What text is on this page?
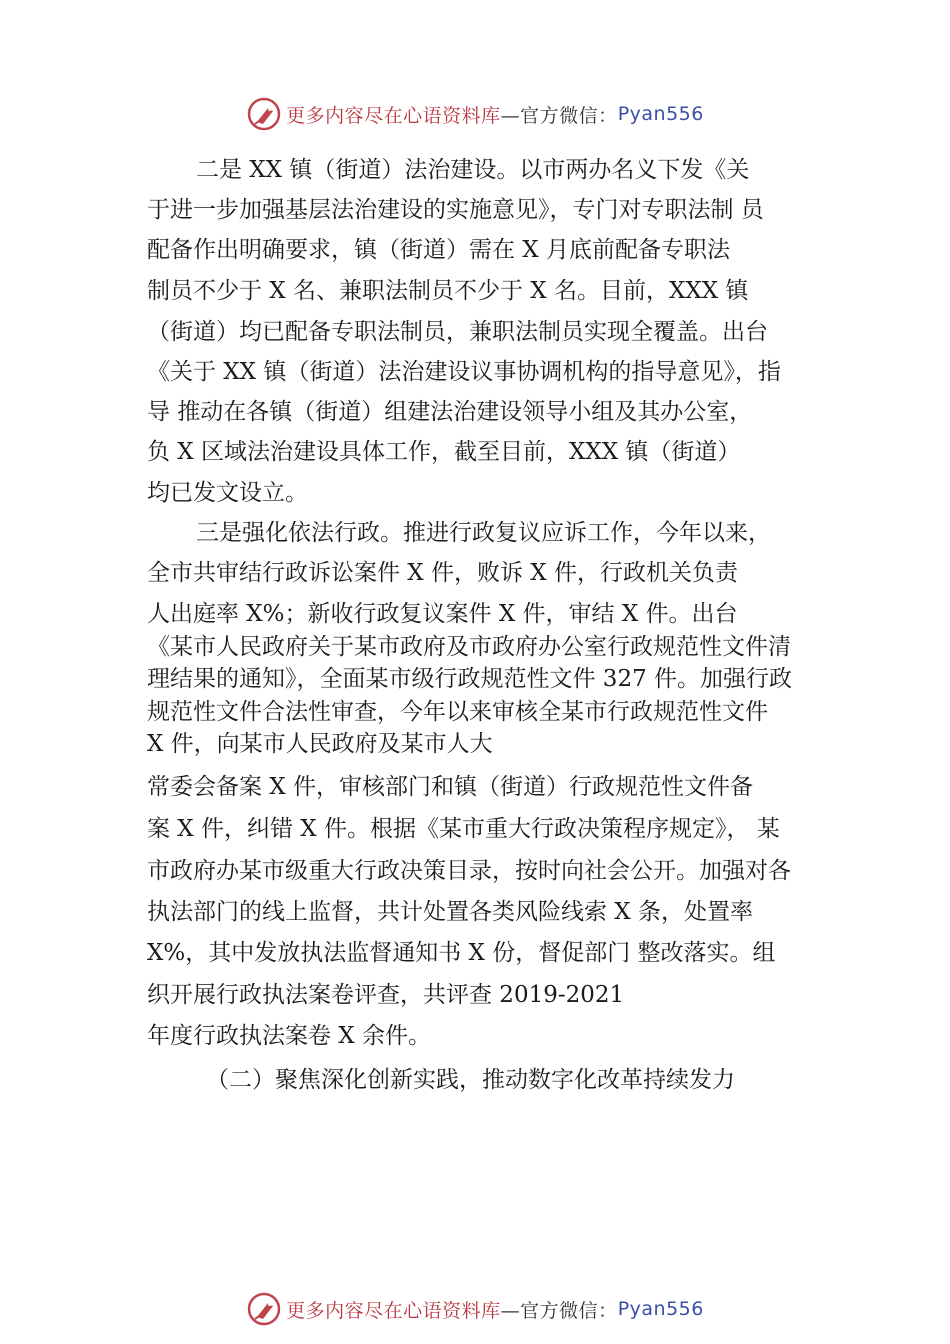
更多内容尽在心语资料库 —官方微信： Pyan556
二是 XX 镇（街道）法治建设。以市两办名义下发《关
于进一步加强基层法治建设的实施意见》，专门对专职法制 员
配备作出明确要求，镇（街道）需在 X 月底前配备专职法
制员不少于 X 名、兼职法制员不少于 X 名。目前，XXX 镇
（街道）均已配备专职法制员，兼职法制员实现全覆盖。出台
《关于 XX 镇（街道）法治建设议事协调机构的指导意见》，指
导 推动在各镇（街道）组建法治建设领导小组及其办公室，
负 X 区域法治建设具体工作，截至目前，XXX 镇（街道）
均已发文设立。
三是强化依法行政。推进行政复议应诉工作，今年以来，
全市共审结行政诉讼案件 X 件，败诉 X 件，行政机关负责
人出庭率 X%；新收行政复议案件 X 件，审结 X 件。出台
《某市人民政府关于某市政府及市政府办公室行政规范性文件清
理结果的通知》，全面某市级行政规范性文件 327 件。加强行政
规范性文件合法性审查，今年以来审核全某市行政规范性文件
X 件，向某市人民政府及某市人大
常委会备案 X 件，审核部门和镇（街道）行政规范性文件备
案 X 件，纠错 X 件。根据《某市重大行政决策程序规定》， 某
市政府办某市级重大行政决策目录，按时向社会公开。加强对各
执法部门的线上监督，共计处置各类风险线索 X 条，处置率
X%，其中发放执法监督通知书 X 份，督促部门 整改落实。组
织开展行政执法案卷评查，共评查 2019-2021
年度行政执法案卷 X 余件。
（二）聚焦深化创新实践，推动数字化改革持续发力
更多内容尽在心语资料库 —官方微信： Pyan556
